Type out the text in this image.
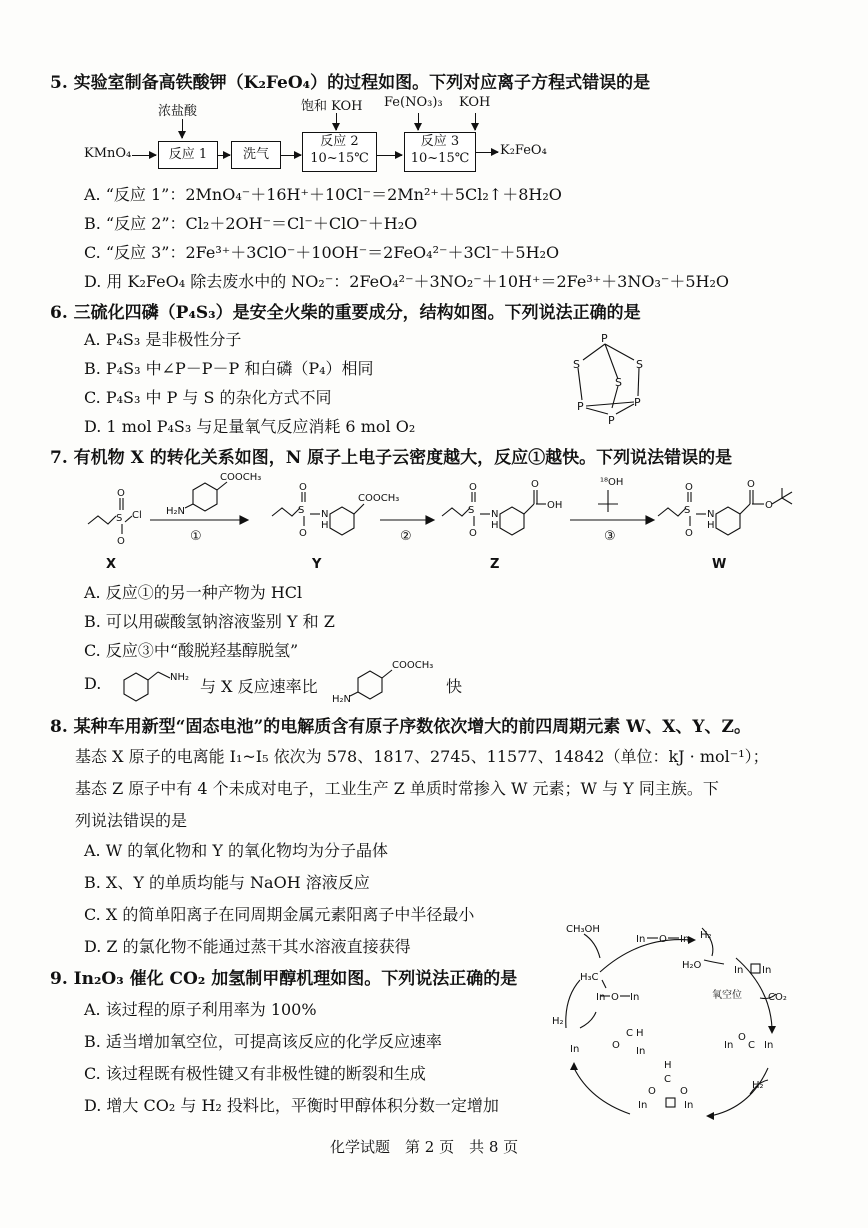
5. 实验室制备高铁酸钾（K₂FeO₄）的过程如图。下列对应离子方程式错误的是
KMnO₄
浓盐酸
反应 1	洗气
饱和 KOH
反应 2
10~15℃
Fe(NO₃)₃ KOH
反应 3
10~15℃
K₂FeO₄
A. “反应 1”：2MnO₄⁻＋16H⁺＋10Cl⁻＝2Mn²⁺＋5Cl₂↑＋8H₂O
B. “反应 2”：Cl₂＋2OH⁻＝Cl⁻＋ClO⁻＋H₂O
C. “反应 3”：2Fe³⁺＋3ClO⁻＋10OH⁻＝2FeO₄²⁻＋3Cl⁻＋5H₂O
D. 用 K₂FeO₄ 除去废水中的 NO₂⁻：2FeO₄²⁻＋3NO₂⁻＋10H⁺＝2Fe³⁺＋3NO₃⁻＋5H₂O
6. 三硫化四磷（P₄S₃）是安全火柴的重要成分，结构如图。下列说法正确的是
A. P₄S₃ 是非极性分子
B. P₄S₃ 中∠P－P－P 和白磷（P₄）相同
C. P₄S₃ 中 P 与 S 的杂化方式不同
D. 1 mol P₄S₃ 与足量氧气反应消耗 6 mol O₂
P
S	S
S
P	P
P
7. 有机物 X 的转化关系如图，N 原子上电子云密度越大，反应①越快。下列说法错误的是
S
O
O
Cl H₂N
COOCH₃
S
O
O
N
H
COOCH₃
S
O
O
N
H
O
OH
¹⁸OH
S
O
O
N
H
O
O
①	②	③
X	Y	Z	W
A. 反应①的另一种产物为 HCl
B. 可以用碳酸氢钠溶液鉴别 Y 和 Z
C. 反应③中“酸脱羟基醇脱氢”
D.	NH₂ 与 X 反应速率比
H₂N
COOCH₃
快
8. 某种车用新型“固态电池”的电解质含有原子序数依次增大的前四周期元素 W、X、Y、Z。
基态 X 原子的电离能 I₁~I₅ 依次为 578、1817、2745、11577、14842（单位：kJ · mol⁻¹）；
基态 Z 原子中有 4 个未成对电子，工业生产 Z 单质时常掺入 W 元素；W 与 Y 同主族。下
列说法错误的是
A. W 的氧化物和 Y 的氧化物均为分子晶体
B. X、Y 的单质均能与 NaOH 溶液反应
C. X 的简单阳离子在同周期金属元素阳离子中半径最小
D. Z 的氯化物不能通过蒸干其水溶液直接获得
9. In₂O₃ 催化 CO₂ 加氢制甲醇机理如图。下列说法正确的是
A. 该过程的原子利用率为 100%
B. 适当增加氧空位，可提高该反应的化学反应速率
C. 该过程既有极性键又有非极性键的断裂和生成
D. 增大 CO₂ 与 H₂ 投料比，平衡时甲醇体积分数一定增加
CH₃OH
In O In H₂
H₂O	In In
氧空位	CO₂
H₃C
In O In
H₂
C H
O
In	In
In
O
C In
H₂
H
C
O O
In	In
化学试题　第 2 页　共 8 页
